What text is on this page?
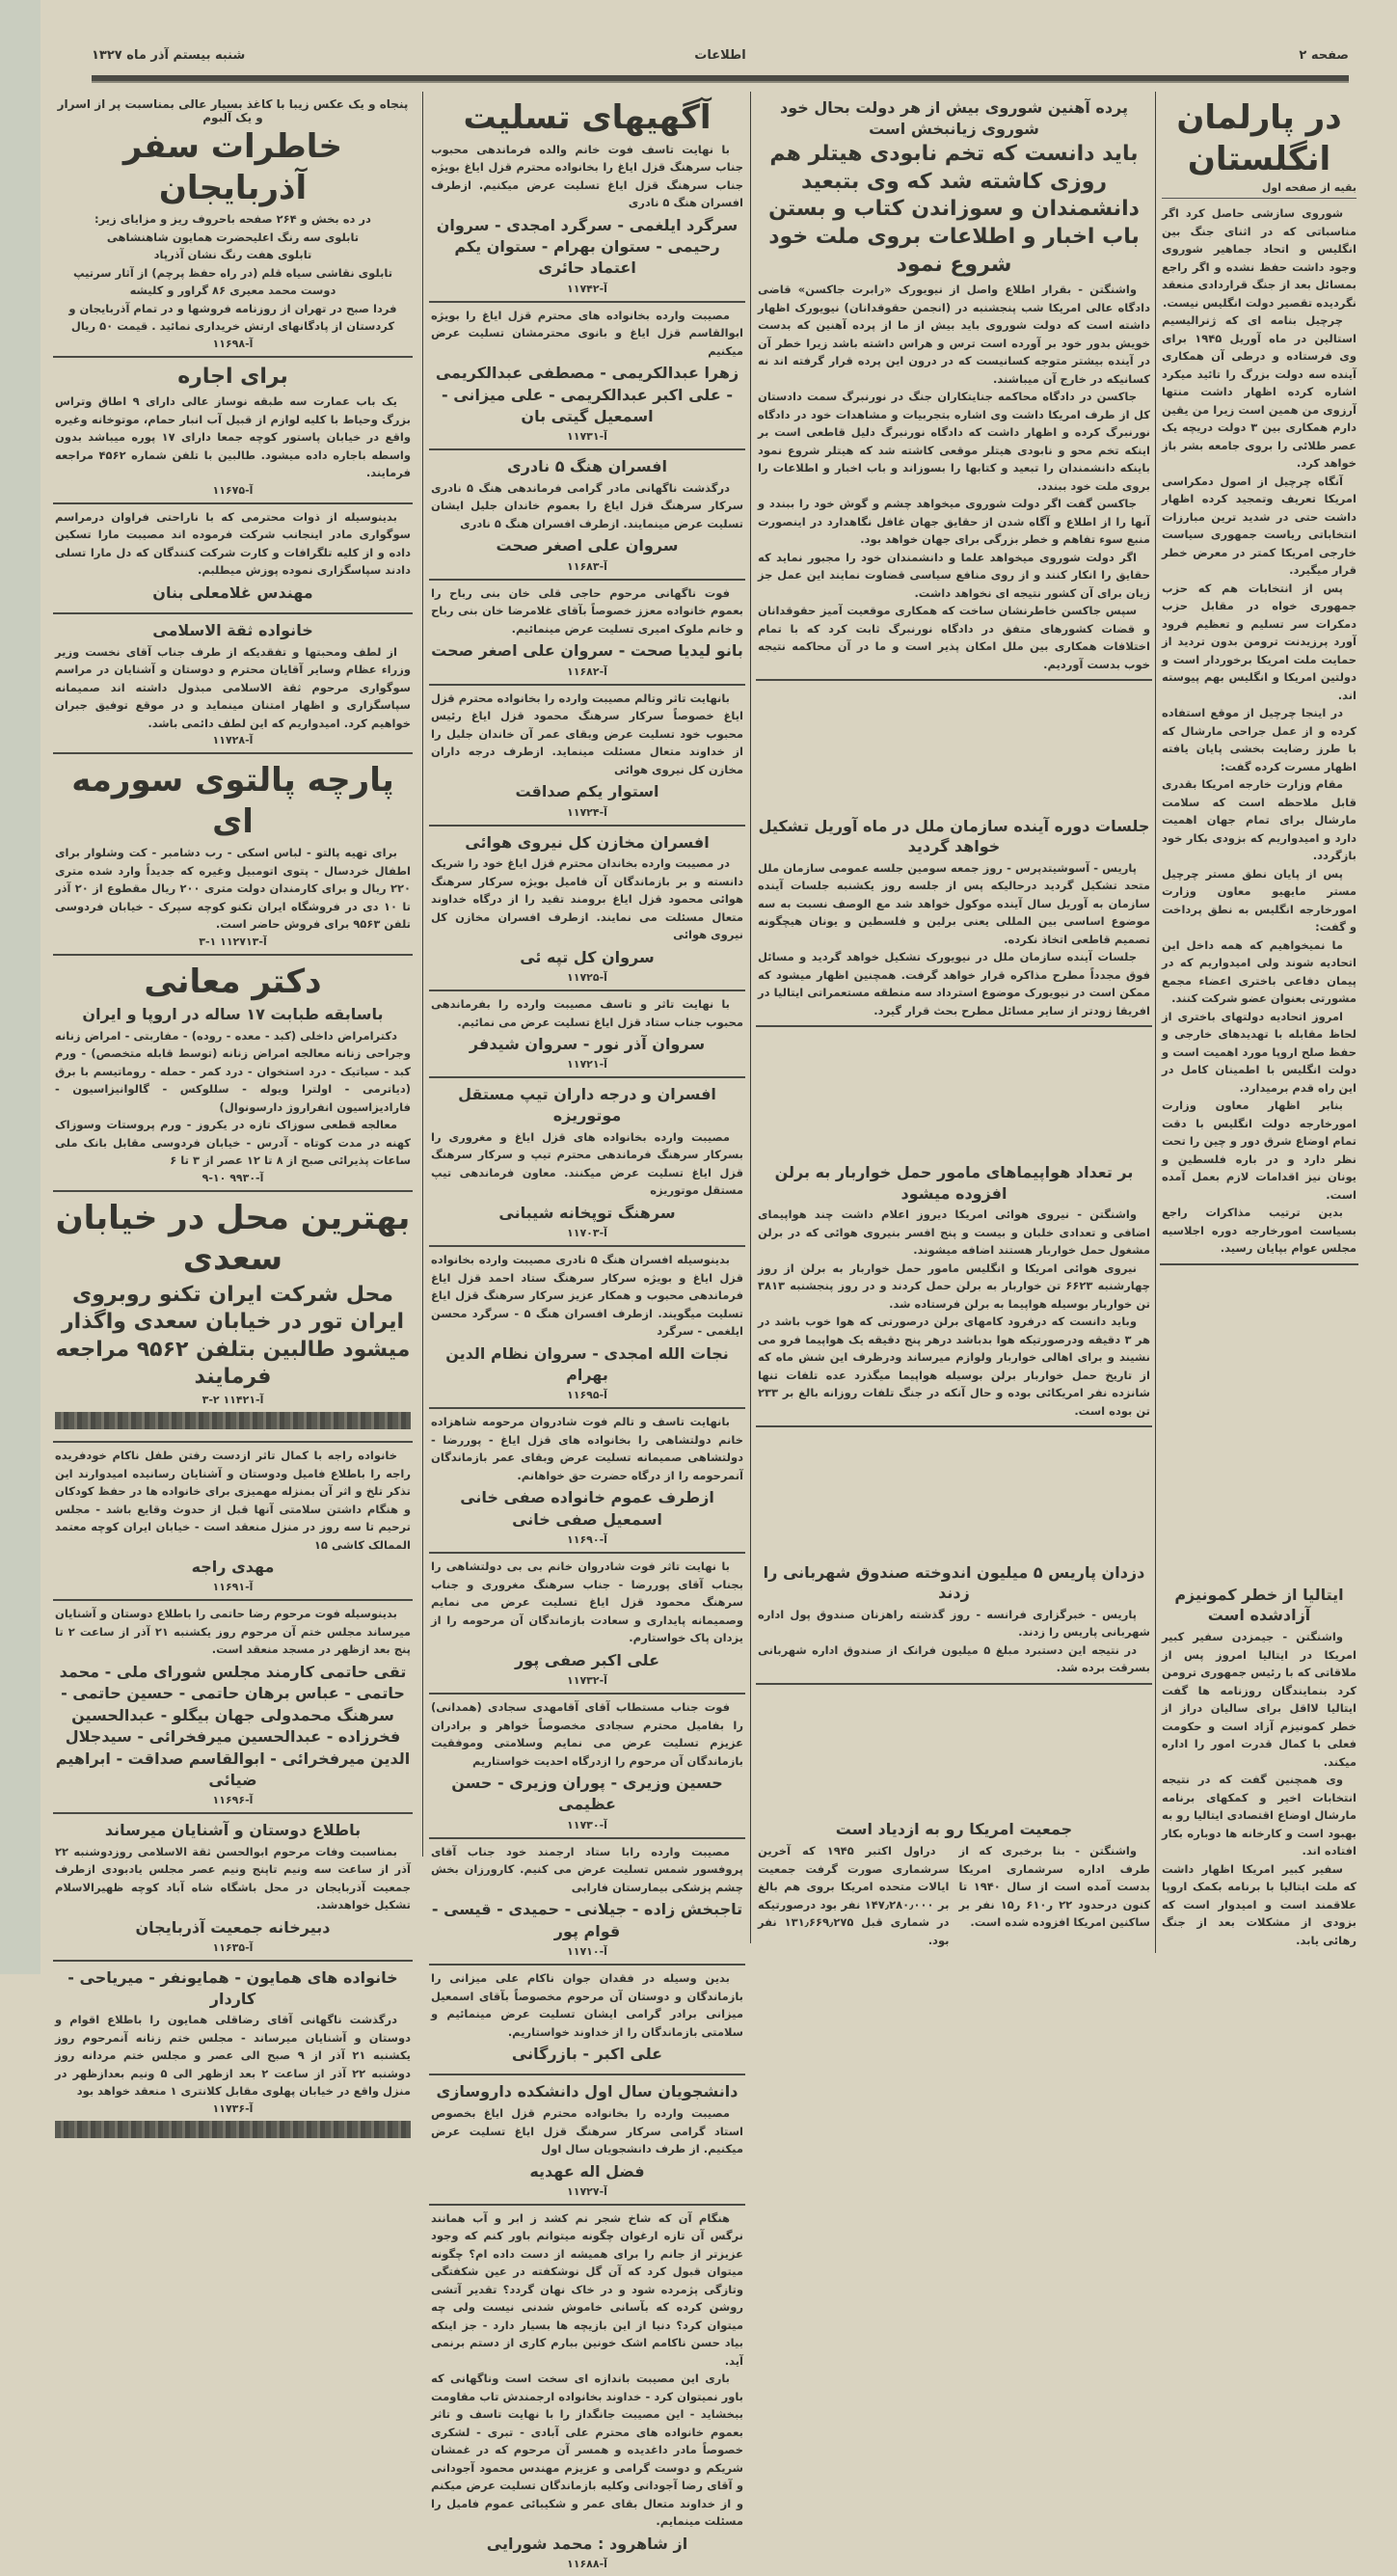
صفحه ۲
اطلاعات
شنبه بیستم آذر ماه ۱۳۲۷
در پارلمان انگلستان
بقیه از صفحه اول

شوروی سازشی حاصل کرد اگر مناسباتی که در اثنای جنگ بین انگلیس و اتحاد جماهیر شوروی وجود داشت حفظ نشده و اگر راجع بمسائل بعد از جنگ قراردادی منعقد نگردیده تقصیر دولت انگلیس نیست.

چرچیل بنامه ای که ژنرالیسیم استالین در ماه آوریل ۱۹۴۵ برای وی فرستاده و درطی آن همکاری آینده سه دولت بزرگ را تائید میکرد اشاره کرده اظهار داشت منتها آرزوی من همین است زیرا من یقین دارم همکاری بین ۳ دولت دریچه یک عصر طلائی را بروی جامعه بشر باز خواهد کرد.

آنگاه چرچیل از اصول دمکراسی امریکا تعریف وتمجید کرده اظهار داشت حتی در شدید ترین مبارزات انتخاباتی ریاست جمهوری سیاست خارجی امریکا کمتر در معرض خطر قرار میگیرد.

پس از انتخابات هم که حزب جمهوری خواه در مقابل حزب دمکرات سر تسلیم و تعظیم فرود آورد پرزیدنت ترومن بدون تردید از حمایت ملت امریکا برخوردار است و دولتین امریکا و انگلیس بهم پیوسته اند.

در اینجا چرچیل از موقع استفاده کرده و از عمل جراحی مارشال که با طرز رضایت بخشی پایان یافته اظهار مسرت کرده گفت:

مقام وزارت خارجه امریکا بقدری قابل ملاحظه است که سلامت مارشال برای تمام جهان اهمیت دارد و امیدواریم که بزودی بکار خود بازگردد.

پس از پایان نطق مستر چرچیل مستر مایهیو معاون وزارت امورخارجه انگلیس به نطق پرداخت و گفت:

ما نمیخواهیم که همه داخل این اتحادیه شوند ولی امیدواریم که در پیمان دفاعی باختری اعضاء مجمع مشورتی بعنوان عضو شرکت کنند.

امروز اتحادیه دولتهای باختری از لحاظ مقابله با تهدیدهای خارجی و حفظ صلح اروپا مورد اهمیت است و دولت انگلیس با اطمینان کامل در این راه قدم برمیدارد.

بنابر اظهار معاون وزارت امورخارجه دولت انگلیس با دقت تمام اوضاع شرق دور و چین را تحت نظر دارد و در باره فلسطین و یونان نیز اقدامات لازم بعمل آمده است.

بدین ترتیب مذاکرات راجع بسیاست امورخارجه دوره اجلاسیه مجلس عوام بپایان رسید.

ایتالیا از خطر کمونیزم آزادشده است

واشنگتن - جیمزدن سفیر کبیر امریکا در ایتالیا امروز پس از ملاقاتی که با رئیس جمهوری ترومن کرد بنمایندگان روزنامه ها گفت ایتالیا لااقل برای سالیان دراز از خطر کمونیزم آزاد است و حکومت فعلی با کمال قدرت امور را اداره میکند.

وی همچنین گفت که در نتیجه انتخابات اخیر و کمکهای برنامه مارشال اوضاع اقتصادی ایتالیا رو به بهبود است و کارخانه ها دوباره بکار افتاده اند.

سفیر کبیر امریکا اظهار داشت که ملت ایتالیا با برنامه بکمک اروپا علاقمند است و امیدوار است که بزودی از مشکلات بعد از جنگ رهائی یابد.

پرده آهنین شوروی بیش از هر دولت بحال خود شوروی زیانبخش است
باید دانست که تخم نابودی هیتلر هم روزی کاشته شد که وی بتبعید دانشمندان و سوزاندن کتاب و بستن باب اخبار و اطلاعات بروی ملت خود شروع نمود

واشنگتن - بقرار اطلاع واصل از نیویورک «رابرت جاکسن» قاضی دادگاه عالی امریکا شب پنجشنبه در (انجمن حقوقدانان) نیویورک اظهار داشته است که دولت شوروی باید بیش از ما از پرده آهنین که بدست خویش بدور خود بر آورده است ترس و هراس داشته باشد زیرا خطر آن در آینده بیشتر متوجه کسانیست که در درون این پرده قرار گرفته اند نه کسانیکه در خارج آن میباشند.

جاکسن در دادگاه محاکمه جنایتکاران جنگ در نورنبرگ سمت دادستان کل از طرف امریکا داشت وی اشاره بتجربیات و مشاهدات خود در دادگاه نورنبرگ کرده و اظهار داشت که دادگاه نورنبرگ دلیل قاطعی است بر اینکه تخم محو و نابودی هیتلر موقعی کاشته شد که هیتلر شروع نمود باینکه دانشمندان را تبعید و کتابها را بسوزاند و باب اخبار و اطلاعات را بروی ملت خود ببندد.

جاکسن گفت اگر دولت شوروی میخواهد چشم و گوش خود را ببندد و آنها را از اطلاع و آگاه شدن از حقایق جهان غافل نگاهدارد در اینصورت منبع سوء تفاهم و خطر بزرگی برای جهان خواهد بود.

اگر دولت شوروی میخواهد علما و دانشمندان خود را مجبور نماید که حقایق را انکار کنند و از روی منافع سیاسی قضاوت نمایند این عمل جز زیان برای آن کشور نتیجه ای نخواهد داشت.

سپس جاکسن خاطرنشان ساخت که همکاری موقعیت آمیز حقوقدانان و قضات کشورهای متفق در دادگاه نورنبرگ ثابت کرد که با تمام اختلافات همکاری بین ملل امکان پذیر است و ما در آن محاکمه نتیجه خوب بدست آوردیم.

جلسات دوره آینده سازمان ملل در ماه آوریل تشکیل خواهد گردید

پاریس - آسوشیتدپرس - روز جمعه سومین جلسه عمومی سازمان ملل متحد تشکیل گردید درحالیکه پس از جلسه روز یکشنبه جلسات آینده سازمان به آوریل سال آینده موکول خواهد شد مع الوصف نسبت به سه موضوع اساسی بین المللی یعنی برلین و فلسطین و یونان هیچگونه تصمیم قاطعی اتخاذ نکرده.

جلسات آینده سازمان ملل در نیویورک تشکیل خواهد گردید و مسائل فوق مجدداً مطرح مذاکره قرار خواهد گرفت. همچنین اظهار میشود که ممکن است در نیویورک موضوع استرداد سه منطقه مستعمراتی ایتالیا در افریقا زودتر از سایر مسائل مطرح بحث قرار گیرد.

بر تعداد هواپیماهای مامور حمل خواربار به برلن افزوده میشود

واشنگتن - نیروی هوائی امریکا دیروز اعلام داشت چند هواپیمای اضافی و تعدادی خلبان و بیست و پنج افسر بنیروی هوائی که در برلن مشغول حمل خواربار هستند اضافه میشوند.

نیروی هوائی امریکا و انگلیس مامور حمل خواربار به برلن از روز چهارشنبه ۶۶۲۳ تن خواربار به برلن حمل کردند و در روز پنجشنبه ۳۸۱۳ تن خواربار بوسیله هواپیما به برلن فرستاده شد.

وباید دانست که درفرود کامهای برلن درصورتی که هوا خوب باشد در هر ۳ دقیقه ودرصورتیکه هوا بدباشد درهر پنج دقیقه یک هواپیما فرو می نشیند و برای اهالی خواربار ولوازم میرساند ودرظرف این شش ماه که از تاریخ حمل خواربار برلن بوسیله هواپیما میگذرد عده تلفات تنها شانزده نفر امریکائی بوده و حال آنکه در جنگ تلفات روزانه بالغ بر ۲۳۳ تن بوده است.

دزدان پاریس ۵ میلیون اندوخته صندوق شهربانی را زدند

پاریس - خبرگزاری فرانسه - روز گذشته راهزنان صندوق پول اداره شهربانی پاریس را زدند.

در نتیجه این دستبرد مبلغ ۵ میلیون فرانک از صندوق اداره شهربانی بسرقت برده شد.

جمعیت امریکا رو به ازدیاد است

واشنگتن - بنا برخبری که از طرف اداره سرشماری امریکا بدست آمده است از سال ۱۹۴۰ تا کنون درحدود ۲۲ ر۶۱۰ ر۱۵ نفر بر ساکنین امریکا افزوده شده است.

دراول اکتبر ۱۹۴۵ که آخرین سرشماری صورت گرفت جمعیت ایالات متحده امریکا بروی هم بالغ بر ۱۴۷٫۲۸۰٫۰۰۰ نفر بود درصورتیکه در شماری قبل ۱۳۱٫۶۶۹٫۲۷۵ نفر بود.

آگهیهای تسلیت

با نهایت تاسف فوت خانم والده فرماندهی محبوب جناب سرهنگ قزل ایاغ را بخانواده محترم قزل ایاغ بویژه جناب سرهنگ قزل ایاغ تسلیت عرض میکنیم. ازطرف افسران هنگ ۵ نادری

سرگرد ایلغمی - سرگرد امجدی - سروان رحیمی - ستوان بهرام - ستوان یکم اعتماد حائری
آ-۱۱۷۴۲

مصیبت وارده بخانواده های محترم قزل ایاغ را بویژه ابوالقاسم قزل ایاغ و بانوی محترمشان تسلیت عرض میکنیم

زهرا عبدالکریمی - مصطفی عبدالکریمی - علی اکبر عبدالکریمی - علی میزانی - اسمعیل گیتی بان
آ-۱۱۷۳۱
افسران هنگ ۵ نادری

درگذشت ناگهانی مادر گرامی فرماندهی هنگ ۵ نادری سرکار سرهنگ قزل ایاغ را بعموم خاندان جلیل ایشان تسلیت عرض مینمایند. ازطرف افسران هنگ ۵ نادری

سروان علی اصغر صحت
آ-۱۱۶۸۳

فوت ناگهانی مرحوم حاجی قلی خان بنی رباح را بعموم خانواده معزز خصوصاً بآقای غلامرضا خان بنی رباح و خانم ملوک امیری تسلیت عرض مینمائیم.

بانو لیدیا صحت - سروان علی اصغر صحت
آ-۱۱۶۸۲

بانهایت تاثر وتالم مصیبت وارده را بخانواده محترم قزل ایاغ خصوصاً سرکار سرهنگ محمود قزل ایاغ رئیس محبوب خود تسلیت عرض وبقای عمر آن خاندان جلیل را از خداوند متعال مسئلت مینماید. ازطرف درجه داران مخازن کل نیروی هوائی

استوار یکم صداقت
آ-۱۱۷۲۴
افسران مخازن کل نیروی هوائی

در مصیبت وارده بخاندان محترم قزل ایاغ خود را شریک دانسته و بر بازماندگان آن فامیل بویژه سرکار سرهنگ هوائی محمود قزل ایاغ برومند تقید را از درگاه خداوند متعال مسئلت می نمایند. ازطرف افسران مخازن کل نیروی هوائی

سروان کل تپه ئی
آ-۱۱۷۲۵

با نهایت تاثر و تاسف مصیبت وارده را بفرماندهی محبوب جناب ستاد قزل ایاغ تسلیت عرض می نمائیم.

سروان آذر نور - سروان شیدفر
آ-۱۱۷۲۱
افسران و درجه داران تیپ مستقل موتوریزه

مصیبت وارده بخانواده های قزل ایاغ و مغروری را بسرکار سرهنگ فرماندهی محترم تیپ و سرکار سرهنگ قزل ایاغ تسلیت عرض میکنند. معاون فرماندهی تیپ مستقل موتوریزه

سرهنگ توپخانه شیبانی
آ-۱۱۷۰۳

بدینوسیله افسران هنگ ۵ نادری مصیبت وارده بخانواده قزل ایاغ و بویژه سرکار سرهنگ ستاد احمد قزل ایاغ فرماندهی محبوب و همکار عزیز سرکار سرهنگ قزل ایاغ تسلیت میگویند. ازطرف افسران هنگ ۵ - سرگرد محسن ایلغمی - سرگرد

نجات الله امجدی - سروان نظام الدین بهرام
آ-۱۱۶۹۵

بانهایت تاسف و تالم فوت شادروان مرحومه شاهزاده خانم دولتشاهی را بخانواده های قزل ایاغ - پوررضا - دولتشاهی صمیمانه تسلیت عرض وبقای عمر بازماندگان آنمرحومه را از درگاه حضرت حق خواهانم.

ازطرف عموم خانواده صفی خانی اسمعیل صفی خانی
آ-۱۱۶۹۰

با نهایت تاثر فوت شادروان خانم بی بی دولتشاهی را بجناب آقای پوررضا - جناب سرهنگ مغروری و جناب سرهنگ محمود قزل ایاغ تسلیت عرض می نمایم وصمیمانه پایداری و سعادت بازماندگان آن مرحومه را از یزدان پاک خواستارم.

علی اکبر صفی پور
آ-۱۱۷۳۲

فوت جناب مستطاب آقای آقامهدی سجادی (همدانی) را بفامیل محترم سجادی مخصوصاً خواهر و برادران عزیزم تسلیت عرض می نمایم وسلامتی وموفقیت بازماندگان آن مرحوم را ازدرگاه احدیت خواستاریم

حسین وزیری - پوران وزیری - حسن عظیمی
آ-۱۱۷۳۰

مصیبت وارده رابا ستاد ارجمند خود جناب آقای پروفسور شمس تسلیت عرض می کنیم. کارورزان بخش چشم پزشکی بیمارستان فارابی

تاجبخش زاده - جیلانی - حمیدی - قیسی - قوام پور
آ-۱۱۷۱۰

بدین وسیله در فقدان جوان ناکام علی میزانی را بازماندگان و دوستان آن مرحوم مخصوصاً بآقای اسمعیل میزانی برادر گرامی ایشان تسلیت عرض مینمائیم و سلامتی بازماندگان را از خداوند خواستاریم.

علی اکبر - بازرگانی
دانشجویان سال اول دانشکده داروسازی

مصیبت وارده را بخانواده محترم قزل ایاغ بخصوص استاد گرامی سرکار سرهنگ قزل ایاغ تسلیت عرض میکنیم. از طرف دانشجویان سال اول

فضل اله عهدیه
آ-۱۱۷۲۷

هنگام آن که شاخ شجر نم کشد ز ابر و آب همانند نرگس آن تازه ارغوان چگونه میتوانم باور کنم که وجود عزیزتر از جانم را برای همیشه از دست داده ام؟ چگونه میتوان قبول کرد که آن گل نوشکفته در عین شکفتگی وتازگی پژمرده شود و در خاک نهان گردد؟ تقدیر آتشی روشن کرده که بآسانی خاموش شدنی نیست ولی چه میتوان کرد؟ دنیا از این بازیچه ها بسیار دارد - جز اینکه بیاد حسن ناکامم اشک خونین ببارم کاری از دستم برنمی آید.

باری این مصیبت باندازه ای سخت است وناگهانی که باور نمیتوان کرد - خداوند بخانواده ارجمندش تاب مقاومت ببخشاید - این مصیبت جانگداز را با نهایت تاسف و تاثر بعموم خانواده های محترم علی آبادی - تبری - لشکری خصوصاً مادر داغدیده و همسر آن مرحوم که در غمشان شریکم و دوست گرامی و عزیزم مهندس محمود آجودانی و آقای رضا آجودانی وکلیه بازماندگان تسلیت عرض میکنم و از خداوند متعال بقای عمر و شکیبائی عموم فامیل را مسئلت مینمایم.

از شاهرود : محمد شورایی
آ-۱۱۶۸۸
پنجاه و یک عکس زیبا با کاغذ بسیار عالی بمناسبت پر از اسرار و یک آلبوم
خاطرات سفر آذربایجان

در ده بخش و ۲۶۴ صفحه باحروف ریز و مزایای زیر:

تابلوی سه رنگ اعلیحضرت همایون شاهنشاهی

تابلوی هفت رنگ نشان آذرپاد

تابلوی نقاشی سیاه قلم (در راه حفظ پرچم) از آثار سرتیپ دوست محمد معیری ۸۶ گراور و کلیشه

فردا صبح در تهران از روزنامه فروشها و در تمام آذربایجان و کردستان از پادگانهای ارتش خریداری نمائید . قیمت ۵۰ ریال

آ-۱۱۶۹۸
برای اجاره

یک باب عمارت سه طبقه نوساز عالی دارای ۹ اطاق وتراس بزرگ وحیاط با کلیه لوازم از قبیل آب انبار حمام، موتوخانه وغیره واقع در خیابان پاستور کوچه جمعا دارای ۱۷ پوره میباشد بدون واسطه باجاره داده میشود. طالبین با تلفن شماره ۴۵۶۲ مراجعه فرمایند.

آ-۱۱۶۷۵

بدینوسیله از ذوات محترمی که با ناراحتی فراوان درمراسم سوگواری مادر اینجانب شرکت فرموده اند مصیبت مارا تسکین داده و از کلیه تلگرافات و کارت شرکت کنندگان که دل مارا تسلی دادند سپاسگزاری نموده پوزش میطلبم.

مهندس غلامعلی بنان
خانواده ثقة الاسلامی

از لطف ومحبتها و تفقدیکه از طرف جناب آقای نخست وزیر وزراء عظام وسایر آقایان محترم و دوستان و آشنایان در مراسم سوگواری مرحوم ثقة الاسلامی مبذول داشته اند صمیمانه سپاسگزاری و اظهار امتنان مینماید و در موقع توفیق جبران خواهیم کرد. امیدواریم که این لطف دائمی باشد.

آ-۱۱۷۲۸
پارچه پالتوی سورمه ای

برای تهیه پالتو - لباس اسکی - رب دشامبر - کت وشلوار برای اطفال خردسال - پتوی اتومبیل وغیره که جدیداً وارد شده متری ۲۲۰ ریال و برای کارمندان دولت متری ۲۰۰ ریال مقطوع از ۲۰ آذر تا ۱۰ دی در فروشگاه ایران تکنو کوچه سپرک - خیابان فردوسی تلفن ۹۵۶۳ برای فروش حاضر است.

آ-۱۱۲۷۱۳ ۱-۳
دکتر معانی
باسابقه طبابت ۱۷ ساله در اروپا و ایران

دکترامراض داخلی (کبد - معده - روده) - مفاربتی - امراض زنانه وجراحی زنانه معالجه امراض زنانه (توسط قابله متخصص) - ورم کبد - سیاتیک - درد استخوان - درد کمر - حمله - روماتیسم با برق (دیاترمی - اولترا ویوله - سللوکس - گالوانیزاسیون - فارادیزاسیون انفراروژ دارسونوال)

معالجه قطعی سوزاک تازه در یکروز - ورم پروستات وسوزاک کهنه در مدت کوتاه - آدرس - خیابان فردوسی مقابل بانک ملی ساعات پذیرائی صبح از ۸ تا ۱۲ عصر از ۳ تا ۶

آ-۹۹۳۰ ۱۰-۹
بهترین محل در خیابان سعدی
محل شرکت ایران تکنو روبروی ایران تور در خیابان سعدی واگذار میشود طالبین بتلفن ۹۵۶۲ مراجعه فرمایند
آ-۱۱۴۲۱ ۲-۳

خانواده راجه با کمال تاثر ازدست رفتن طفل ناکام خودفریده راجه را باطلاع فامیل ودوستان و آشنایان رسانیده امیدوارند این تذکر تلخ و اثر آن بمنزله مهمیزی برای خانواده ها در حفظ کودکان و هنگام داشتن سلامتی آنها قبل از حدوث وقایع باشد - مجلس ترحیم تا سه روز در منزل منعقد است - خیابان ایران کوچه معتمد الممالک کاشی ۱۵

مهدی راجه
آ-۱۱۶۹۱

بدینوسیله فوت مرحوم رضا حاتمی را باطلاع دوستان و آشنایان میرساند مجلس ختم آن مرحوم روز یکشنبه ۲۱ آذر از ساعت ۲ تا پنج بعد ازظهر در مسجد منعقد است.

تقی حاتمی کارمند مجلس شورای ملی - محمد حاتمی - عباس برهان حاتمی - حسین حاتمی - سرهنگ محمدولی جهان بیگلو - عبدالحسین فخرزاده - عبدالحسین میرفخرائی - سیدجلال الدین میرفخرائی - ابوالقاسم صداقت - ابراهیم ضیائی
آ-۱۱۶۹۶
باطلاع دوستان و آشنایان میرساند

بمناسبت وفات مرحوم ابوالحسن ثقة الاسلامی روزدوشنبه ۲۲ آذر از ساعت سه ونیم تاپنج ونیم عصر مجلس یادبودی ازطرف جمعیت آذربایجان در محل باشگاه شاه آباد کوچه ظهیرالاسلام تشکیل خواهدشد.

دبیرخانه جمعیت آذربایجان
آ-۱۱۶۳۵
خانواده های همایون - همایونفر - میریاحی - کاردار

درگذشت ناگهانی آقای رضاقلی همایون را باطلاع اقوام و دوستان و آشنایان میرساند - مجلس ختم زنانه آنمرحوم روز یکشنبه ۲۱ آذر از ۹ صبح الی عصر و مجلس ختم مردانه روز دوشنبه ۲۲ آذر از ساعت ۲ بعد ازظهر الی ۵ ونیم بعدازظهر در منزل واقع در خیابان پهلوی مقابل کلانتری ۱ منعقد خواهد بود

آ-۱۱۷۳۶
